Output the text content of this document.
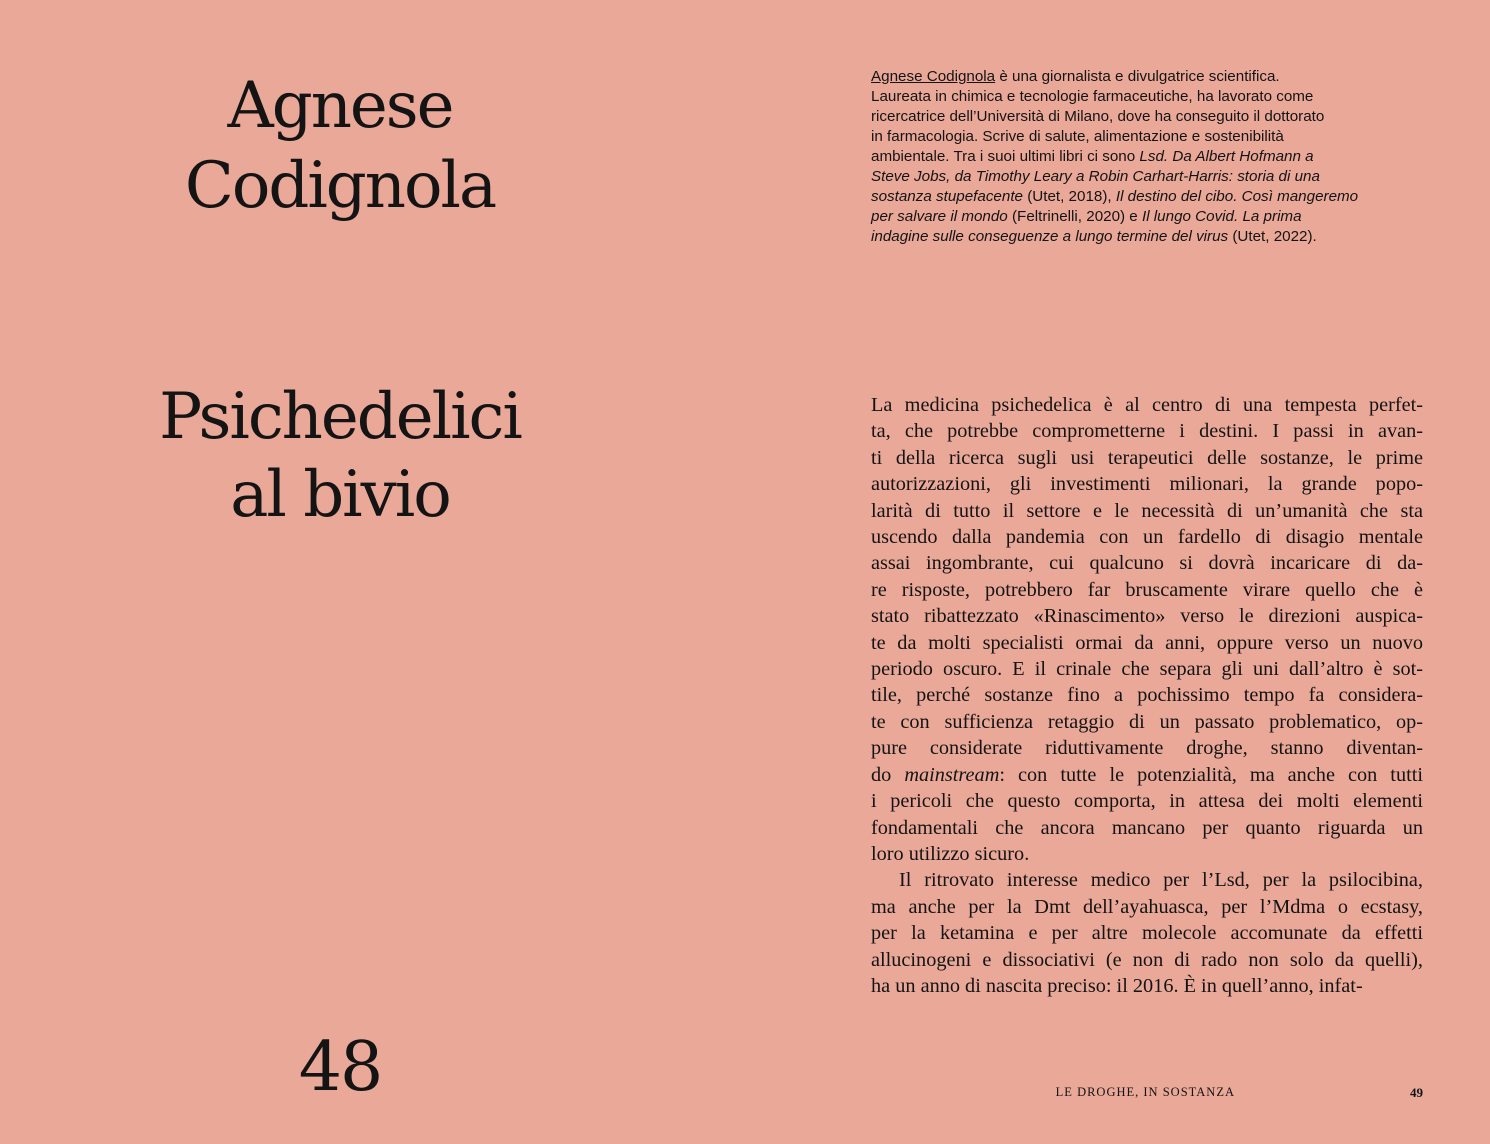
Agnese
Codignola
Psichedelici
al bivio
48
Agnese Codignola è una giornalista e divulgatrice scientifica.
Laureata in chimica e tecnologie farmaceutiche, ha lavorato come
ricercatrice dell’Università di Milano, dove ha conseguito il dottorato
in farmacologia. Scrive di salute, alimentazione e sostenibilità
ambientale. Tra i suoi ultimi libri ci sono Lsd. Da Albert Hofmann a
Steve Jobs, da Timothy Leary a Robin Carhart-Harris: storia di una
sostanza stupefacente (Utet, 2018), Il destino del cibo. Così mangeremo
per salvare il mondo (Feltrinelli, 2020) e Il lungo Covid. La prima
indagine sulle conseguenze a lungo termine del virus (Utet, 2022).
La medicina psichedelica è al centro di una tempesta perfet-
ta, che potrebbe comprometterne i destini. I passi in avan-
ti della ricerca sugli usi terapeutici delle sostanze, le prime
autorizzazioni, gli investimenti milionari, la grande popo-
larità di tutto il settore e le necessità di un’umanità che sta
uscendo dalla pandemia con un fardello di disagio mentale
assai ingombrante, cui qualcuno si dovrà incaricare di da-
re risposte, potrebbero far bruscamente virare quello che è
stato ribattezzato «Rinascimento» verso le direzioni auspica-
te da molti specialisti ormai da anni, oppure verso un nuovo
periodo oscuro. E il crinale che separa gli uni dall’altro è sot-
tile, perché sostanze fino a pochissimo tempo fa considera-
te con sufficienza retaggio di un passato problematico, op-
pure considerate riduttivamente droghe, stanno diventan-
do mainstream: con tutte le potenzialità, ma anche con tutti
i pericoli che questo comporta, in attesa dei molti elementi
fondamentali che ancora mancano per quanto riguarda un
loro utilizzo sicuro.
Il ritrovato interesse medico per l’Lsd, per la psilocibina,
ma anche per la Dmt dell’ayahuasca, per l’Mdma o ecstasy,
per la ketamina e per altre molecole accomunate da effetti
allucinogeni e dissociativi (e non di rado non solo da quelli),
ha un anno di nascita preciso: il 2016. È in quell’anno, infat-
LE DROGHE, IN SOSTANZA	49
